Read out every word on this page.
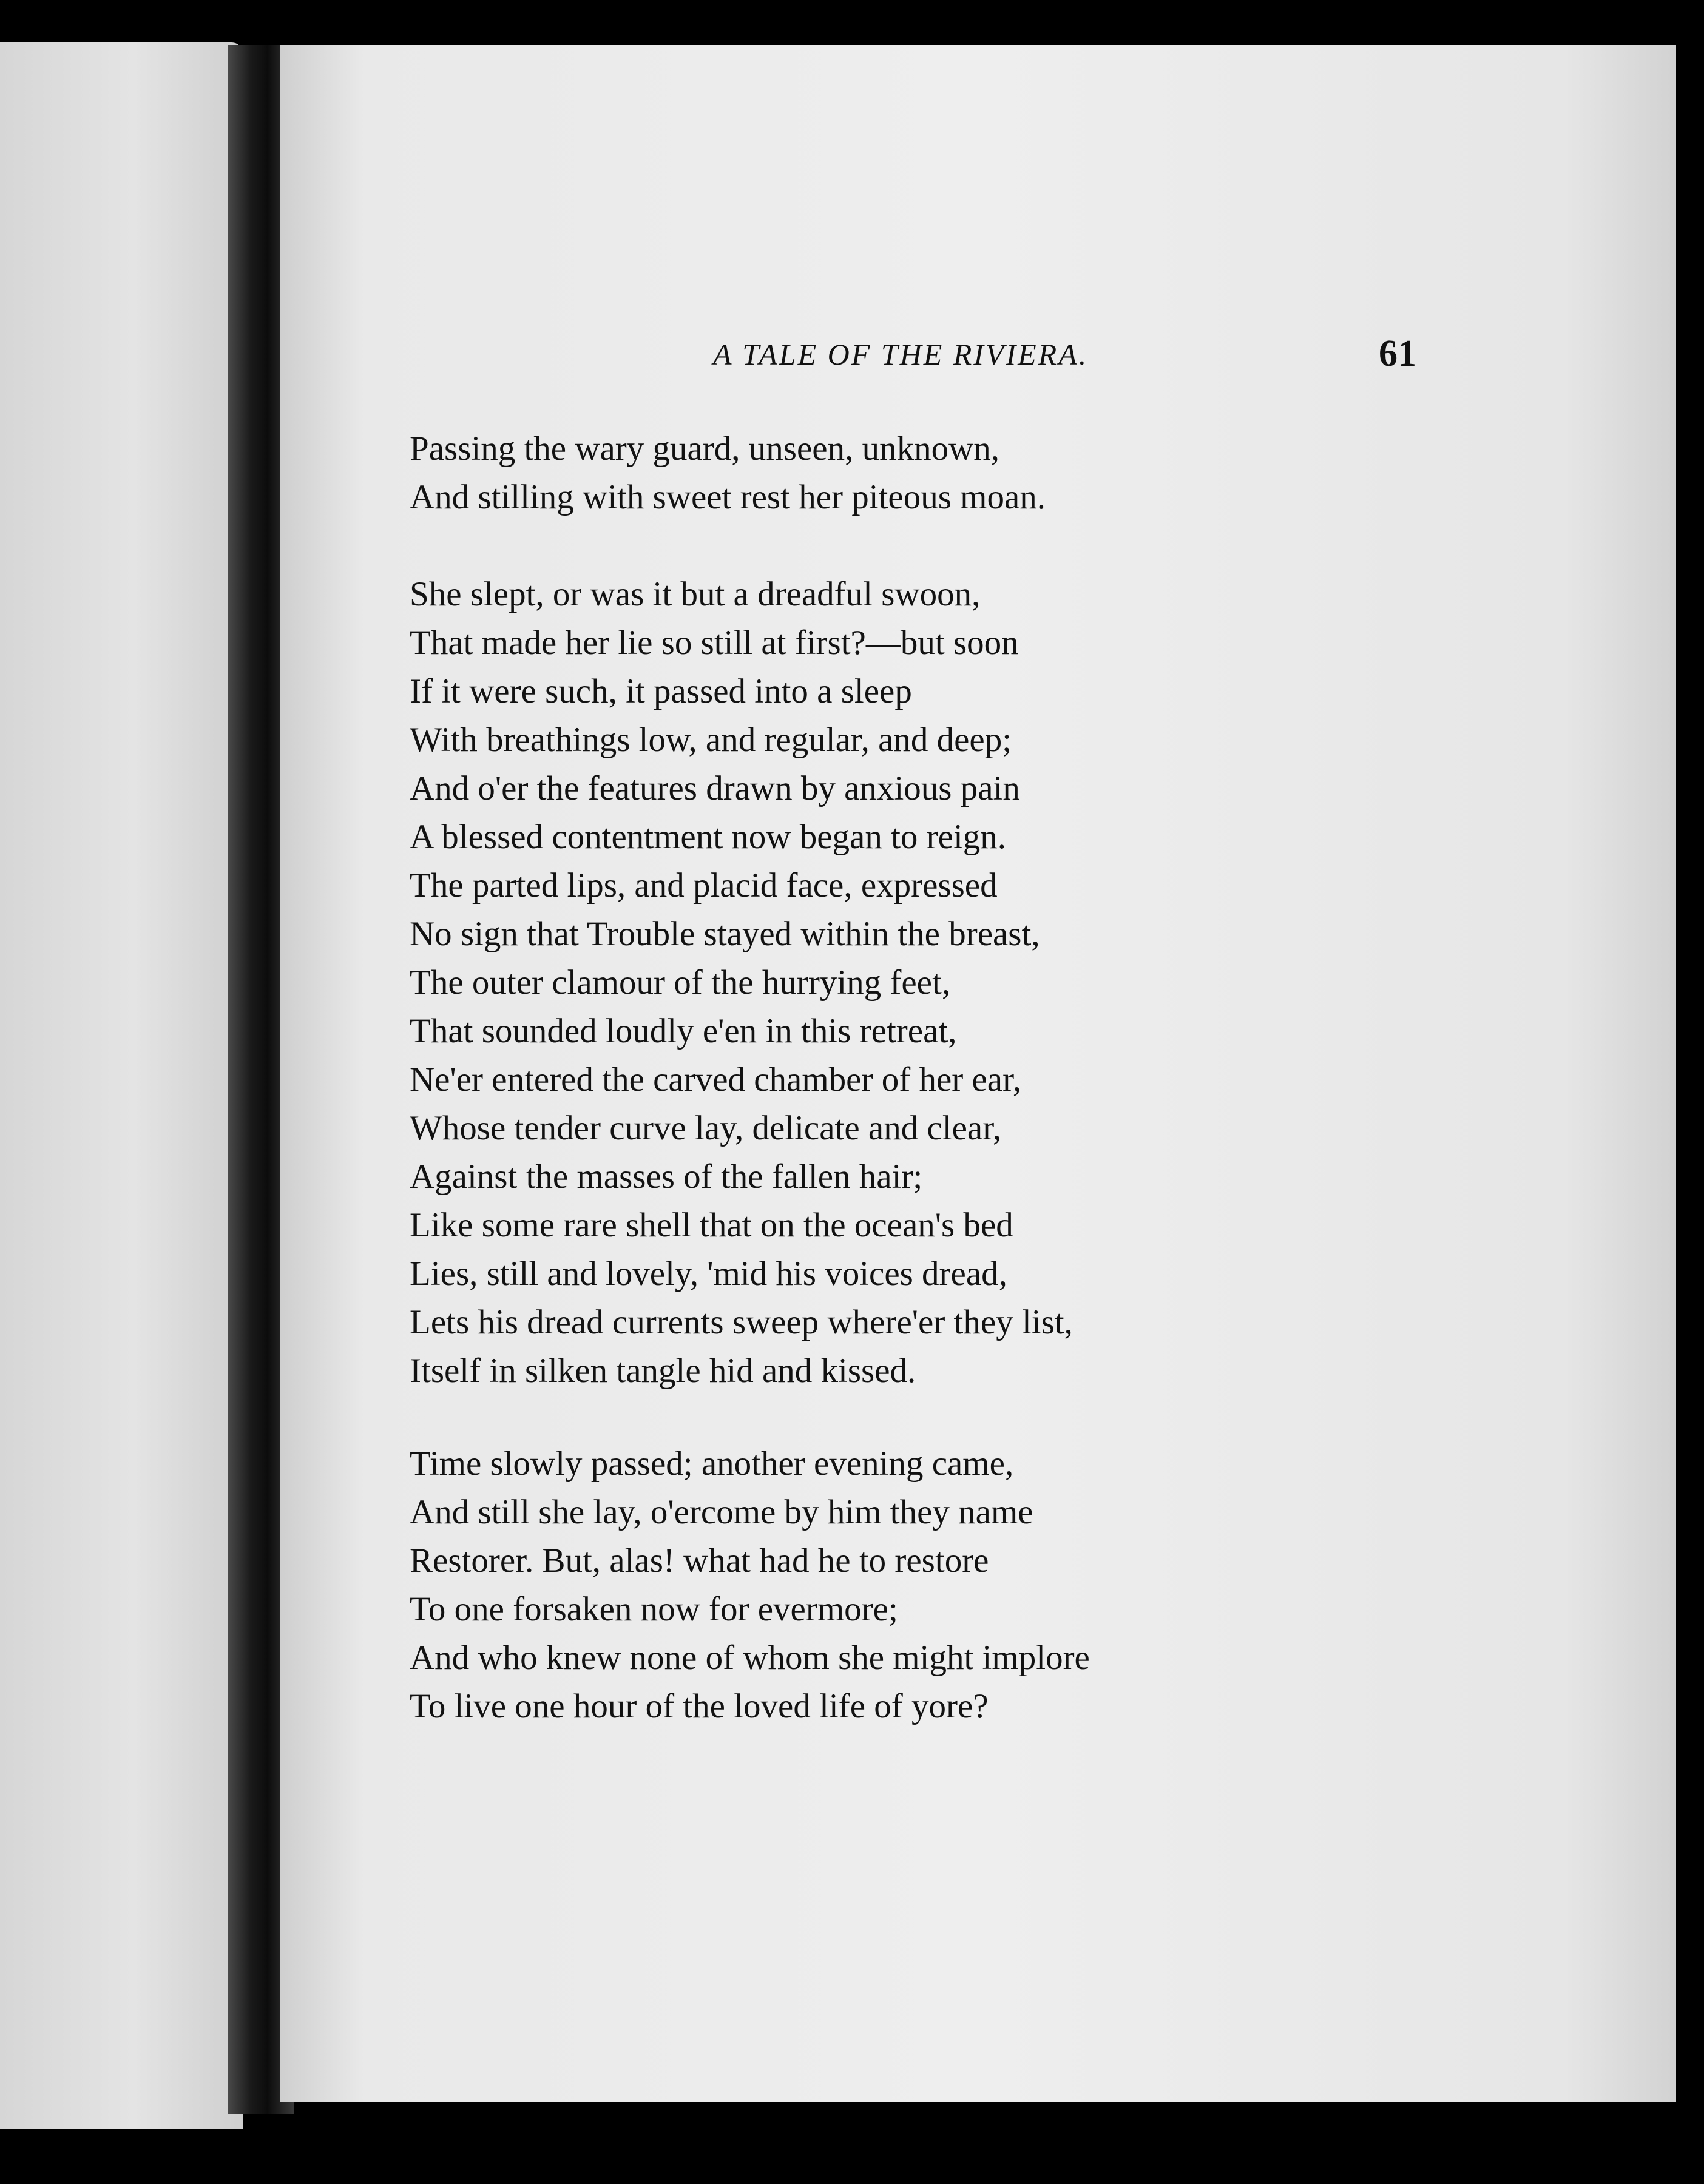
A TALE OF THE RIVIERA.	61
Passing the wary guard, unseen, unknown,
And stilling with sweet rest her piteous moan.
She slept, or was it but a dreadful swoon,
That made her lie so still at first?—but soon
If it were such, it passed into a sleep
With breathings low, and regular, and deep;
And o'er the features drawn by anxious pain
A blessed contentment now began to reign.
The parted lips, and placid face, expressed
No sign that Trouble stayed within the breast,
The outer clamour of the hurrying feet,
That sounded loudly e'en in this retreat,
Ne'er entered the carved chamber of her ear,
Whose tender curve lay, delicate and clear,
Against the masses of the fallen hair;
Like some rare shell that on the ocean's bed
Lies, still and lovely, 'mid his voices dread,
Lets his dread currents sweep where'er they list,
Itself in silken tangle hid and kissed.
Time slowly passed; another evening came,
And still she lay, o'ercome by him they name
Restorer. But, alas! what had he to restore
To one forsaken now for evermore;
And who knew none of whom she might implore
To live one hour of the loved life of yore?
